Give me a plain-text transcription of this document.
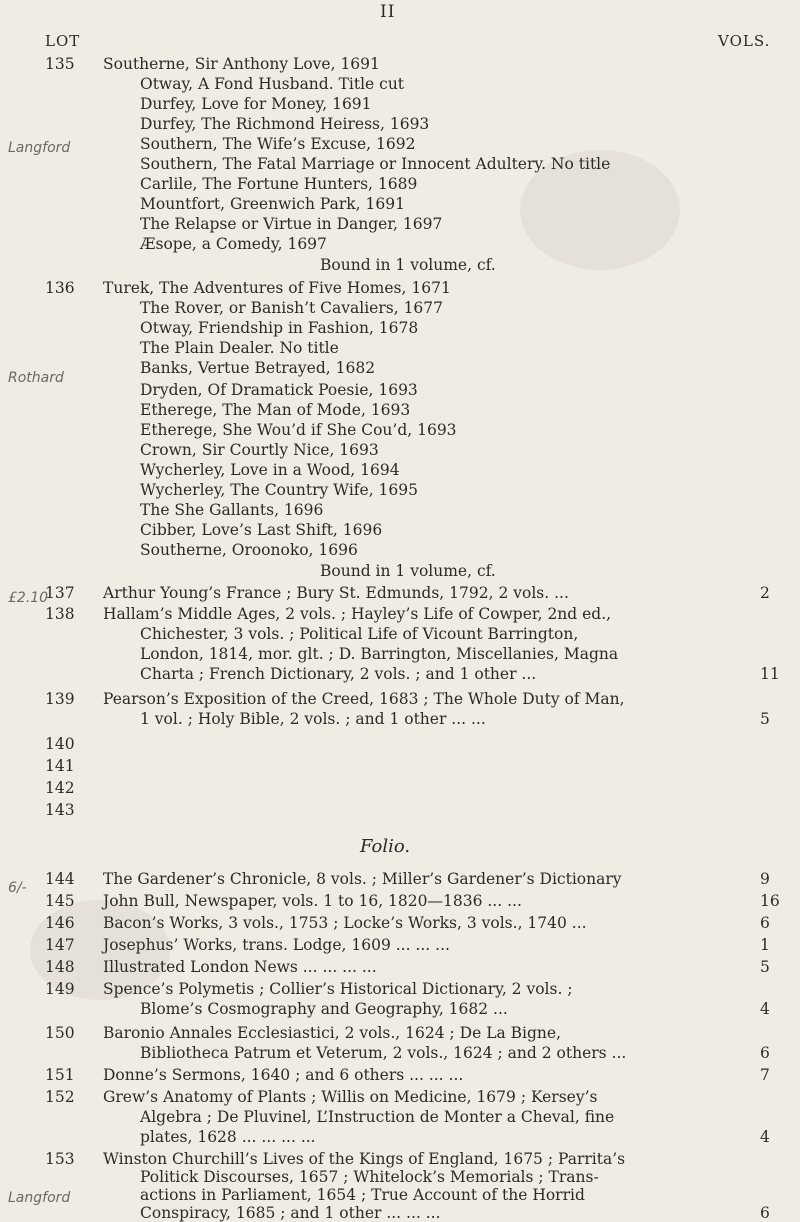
II
LOT	VOLS.
135 Southerne, Sir Anthony Love, 1691
Otway, A Fond Husband. Title cut
Durfey, Love for Money, 1691
Durfey, The Richmond Heiress, 1693
Southern, The Wife’s Excuse, 1692
Southern, The Fatal Marriage or Innocent Adultery. No title
Carlile, The Fortune Hunters, 1689
Mountfort, Greenwich Park, 1691
The Relapse or Virtue in Danger, 1697
Æsope, a Comedy, 1697
Bound in 1 volume, cf.
136 Turek, The Adventures of Five Homes, 1671
The Rover, or Banish’t Cavaliers, 1677
Otway, Friendship in Fashion, 1678
The Plain Dealer. No title
Banks, Vertue Betrayed, 1682
Dryden, Of Dramatick Poesie, 1693
Etherege, The Man of Mode, 1693
Etherege, She Wou’d if She Cou’d, 1693
Crown, Sir Courtly Nice, 1693
Wycherley, Love in a Wood, 1694
Wycherley, The Country Wife, 1695
The She Gallants, 1696
Cibber, Love’s Last Shift, 1696
Southerne, Oroonoko, 1696
Bound in 1 volume, cf.
137 Arthur Young’s France ; Bury St. Edmunds, 1792, 2 vols. ...	2
138 Hallam’s Middle Ages, 2 vols. ; Hayley’s Life of Cowper, 2nd ed.,
Chichester, 3 vols. ; Political Life of Vicount Barrington,
London, 1814, mor. glt. ; D. Barrington, Miscellanies, Magna
Charta ; French Dictionary, 2 vols. ; and 1 other ...	11
139 Pearson’s Exposition of the Creed, 1683 ; The Whole Duty of Man,
1 vol. ; Holy Bible, 2 vols. ; and 1 other ... ...	5
140
141
142
143
Folio.
144 The Gardener’s Chronicle, 8 vols. ; Miller’s Gardener’s Dictionary	9
145 John Bull, Newspaper, vols. 1 to 16, 1820—1836 ... ...	16
146 Bacon’s Works, 3 vols., 1753 ; Locke’s Works, 3 vols., 1740 ...	6
147 Josephus’ Works, trans. Lodge, 1609 ... ... ...	1
148 Illustrated London News ... ... ... ...	5
149 Spence’s Polymetis ; Collier’s Historical Dictionary, 2 vols. ;
Blome’s Cosmography and Geography, 1682 ...	4
150 Baronio Annales Ecclesiastici, 2 vols., 1624 ; De La Bigne,
Bibliotheca Patrum et Veterum, 2 vols., 1624 ; and 2 others ...	6
151 Donne’s Sermons, 1640 ; and 6 others ... ... ...	7
152 Grew’s Anatomy of Plants ; Willis on Medicine, 1679 ; Kersey’s
Algebra ; De Pluvinel, L’Instruction de Monter a Cheval, fine
plates, 1628 ... ... ... ...	4
153 Winston Churchill’s Lives of the Kings of England, 1675 ; Parrita’s
Politick Discourses, 1657 ; Whitelock’s Memorials ; Trans-
actions in Parliament, 1654 ; True Account of the Horrid
Conspiracy, 1685 ; and 1 other ... ... ...	6
Langford
Rothard
£2.10
6/-
Langford
